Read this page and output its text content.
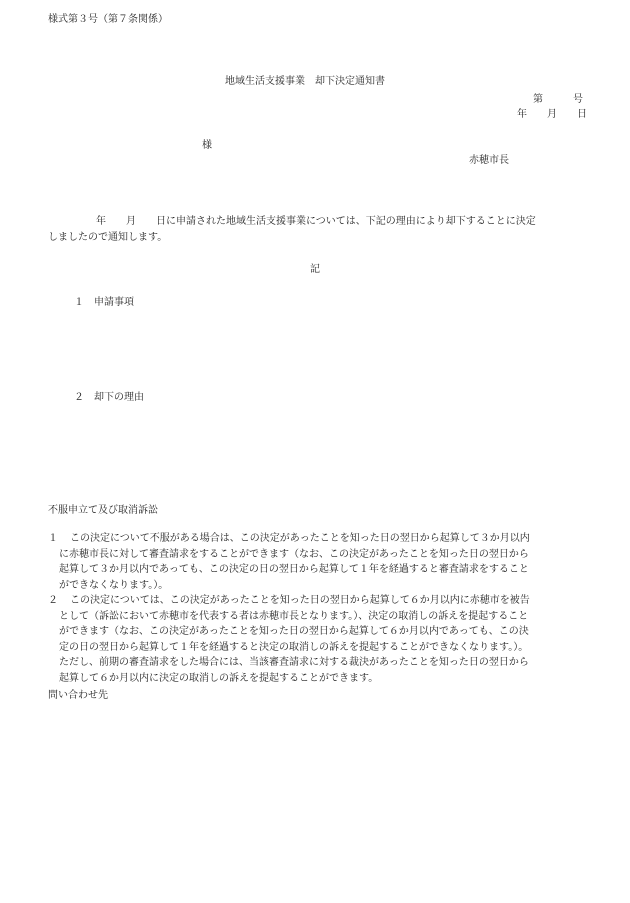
様式第３号（第７条関係）
地域生活支援事業　却下決定通知書
第　　　号
年　　月　　日
様
赤穂市長
　年　　月　　日に申請された地域生活支援事業については、下記の理由により却下することに決定
しましたので通知します。
記
１　申請事項
２　却下の理由
不服申立て及び取消訴訟
１ この決定について不服がある場合は、この決定があったことを知った日の翌日から起算して３か月以内
に赤穂市長に対して審査請求をすることができます（なお、この決定があったことを知った日の翌日から
起算して３か月以内であっても、この決定の日の翌日から起算して１年を経過すると審査請求をすること
ができなくなります。）。
２ この決定については、この決定があったことを知った日の翌日から起算して６か月以内に赤穂市を被告
として（訴訟において赤穂市を代表する者は赤穂市長となります。）、決定の取消しの訴えを提起すること
ができます（なお、この決定があったことを知った日の翌日から起算して６か月以内であっても、この決
定の日の翌日から起算して１年を経過すると決定の取消しの訴えを提起することができなくなります。）。
ただし、前期の審査請求をした場合には、当該審査請求に対する裁決があったことを知った日の翌日から
起算して６か月以内に決定の取消しの訴えを提起することができます。
問い合わせ先
